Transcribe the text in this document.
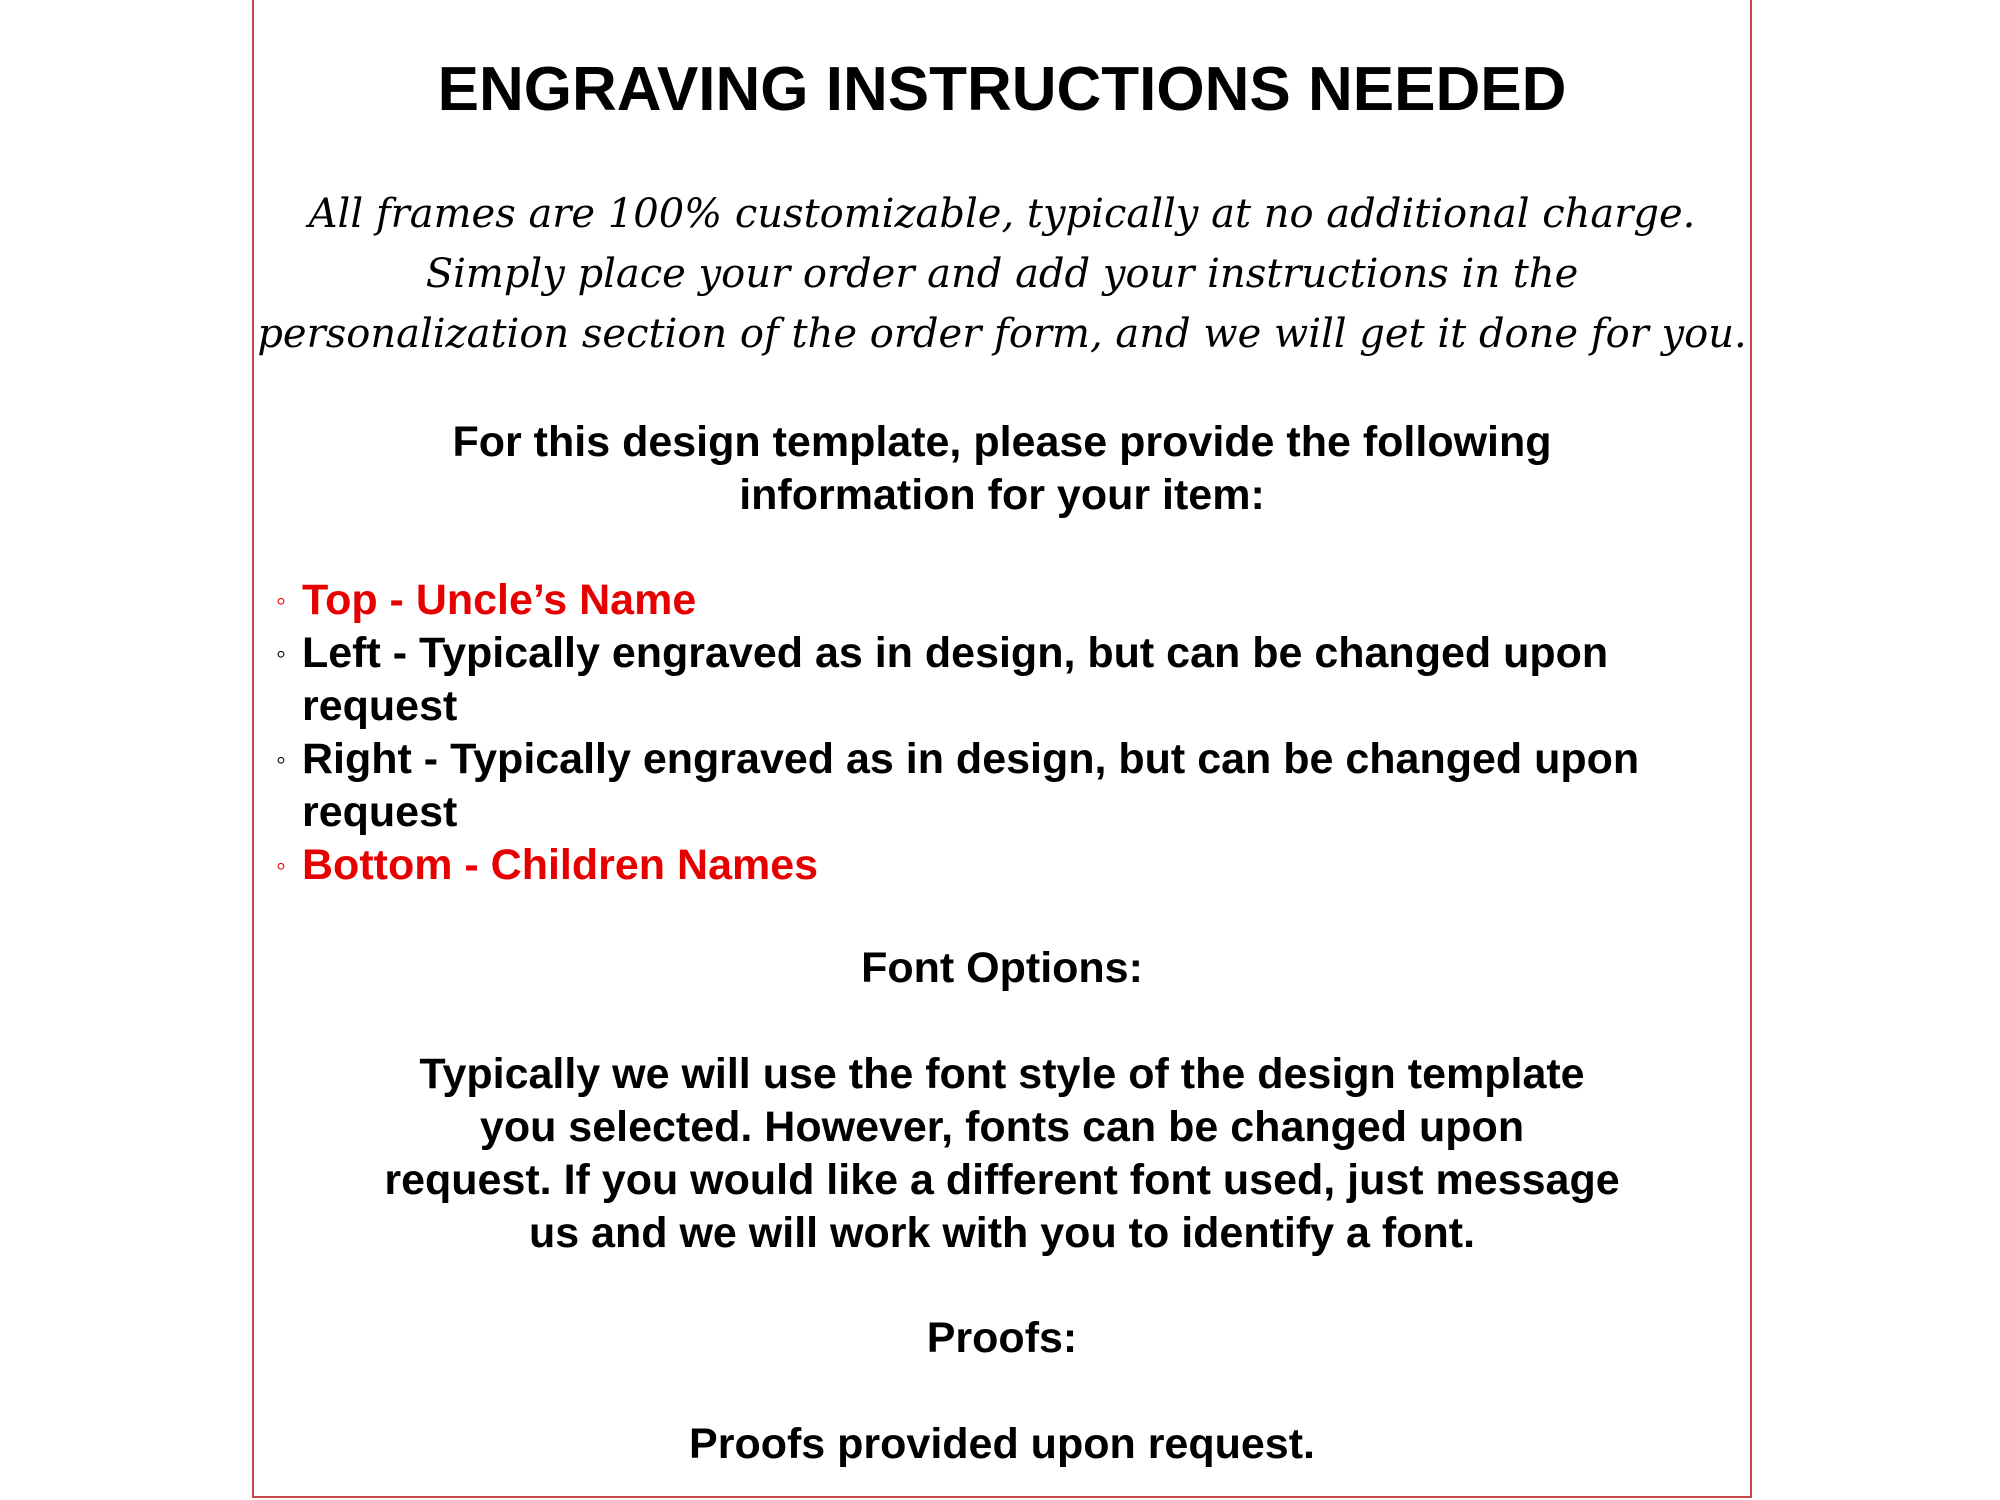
ENGRAVING INSTRUCTIONS NEEDED
All frames are 100% customizable, typically at no additional charge.
Simply place your order and add your instructions in the
personalization section of the order form, and we will get it done for you.
For this design template, please provide the following
information for your item:
◦ Top - Uncle’s Name
◦ Left - Typically engraved as in design, but can be changed upon request
◦ Right - Typically engraved as in design, but can be changed upon request
◦ Bottom - Children Names
Font Options:
Typically we will use the font style of the design template
you selected. However, fonts can be changed upon
request. If you would like a different font used, just message
us and we will work with you to identify a font.
Proofs:
Proofs provided upon request.
